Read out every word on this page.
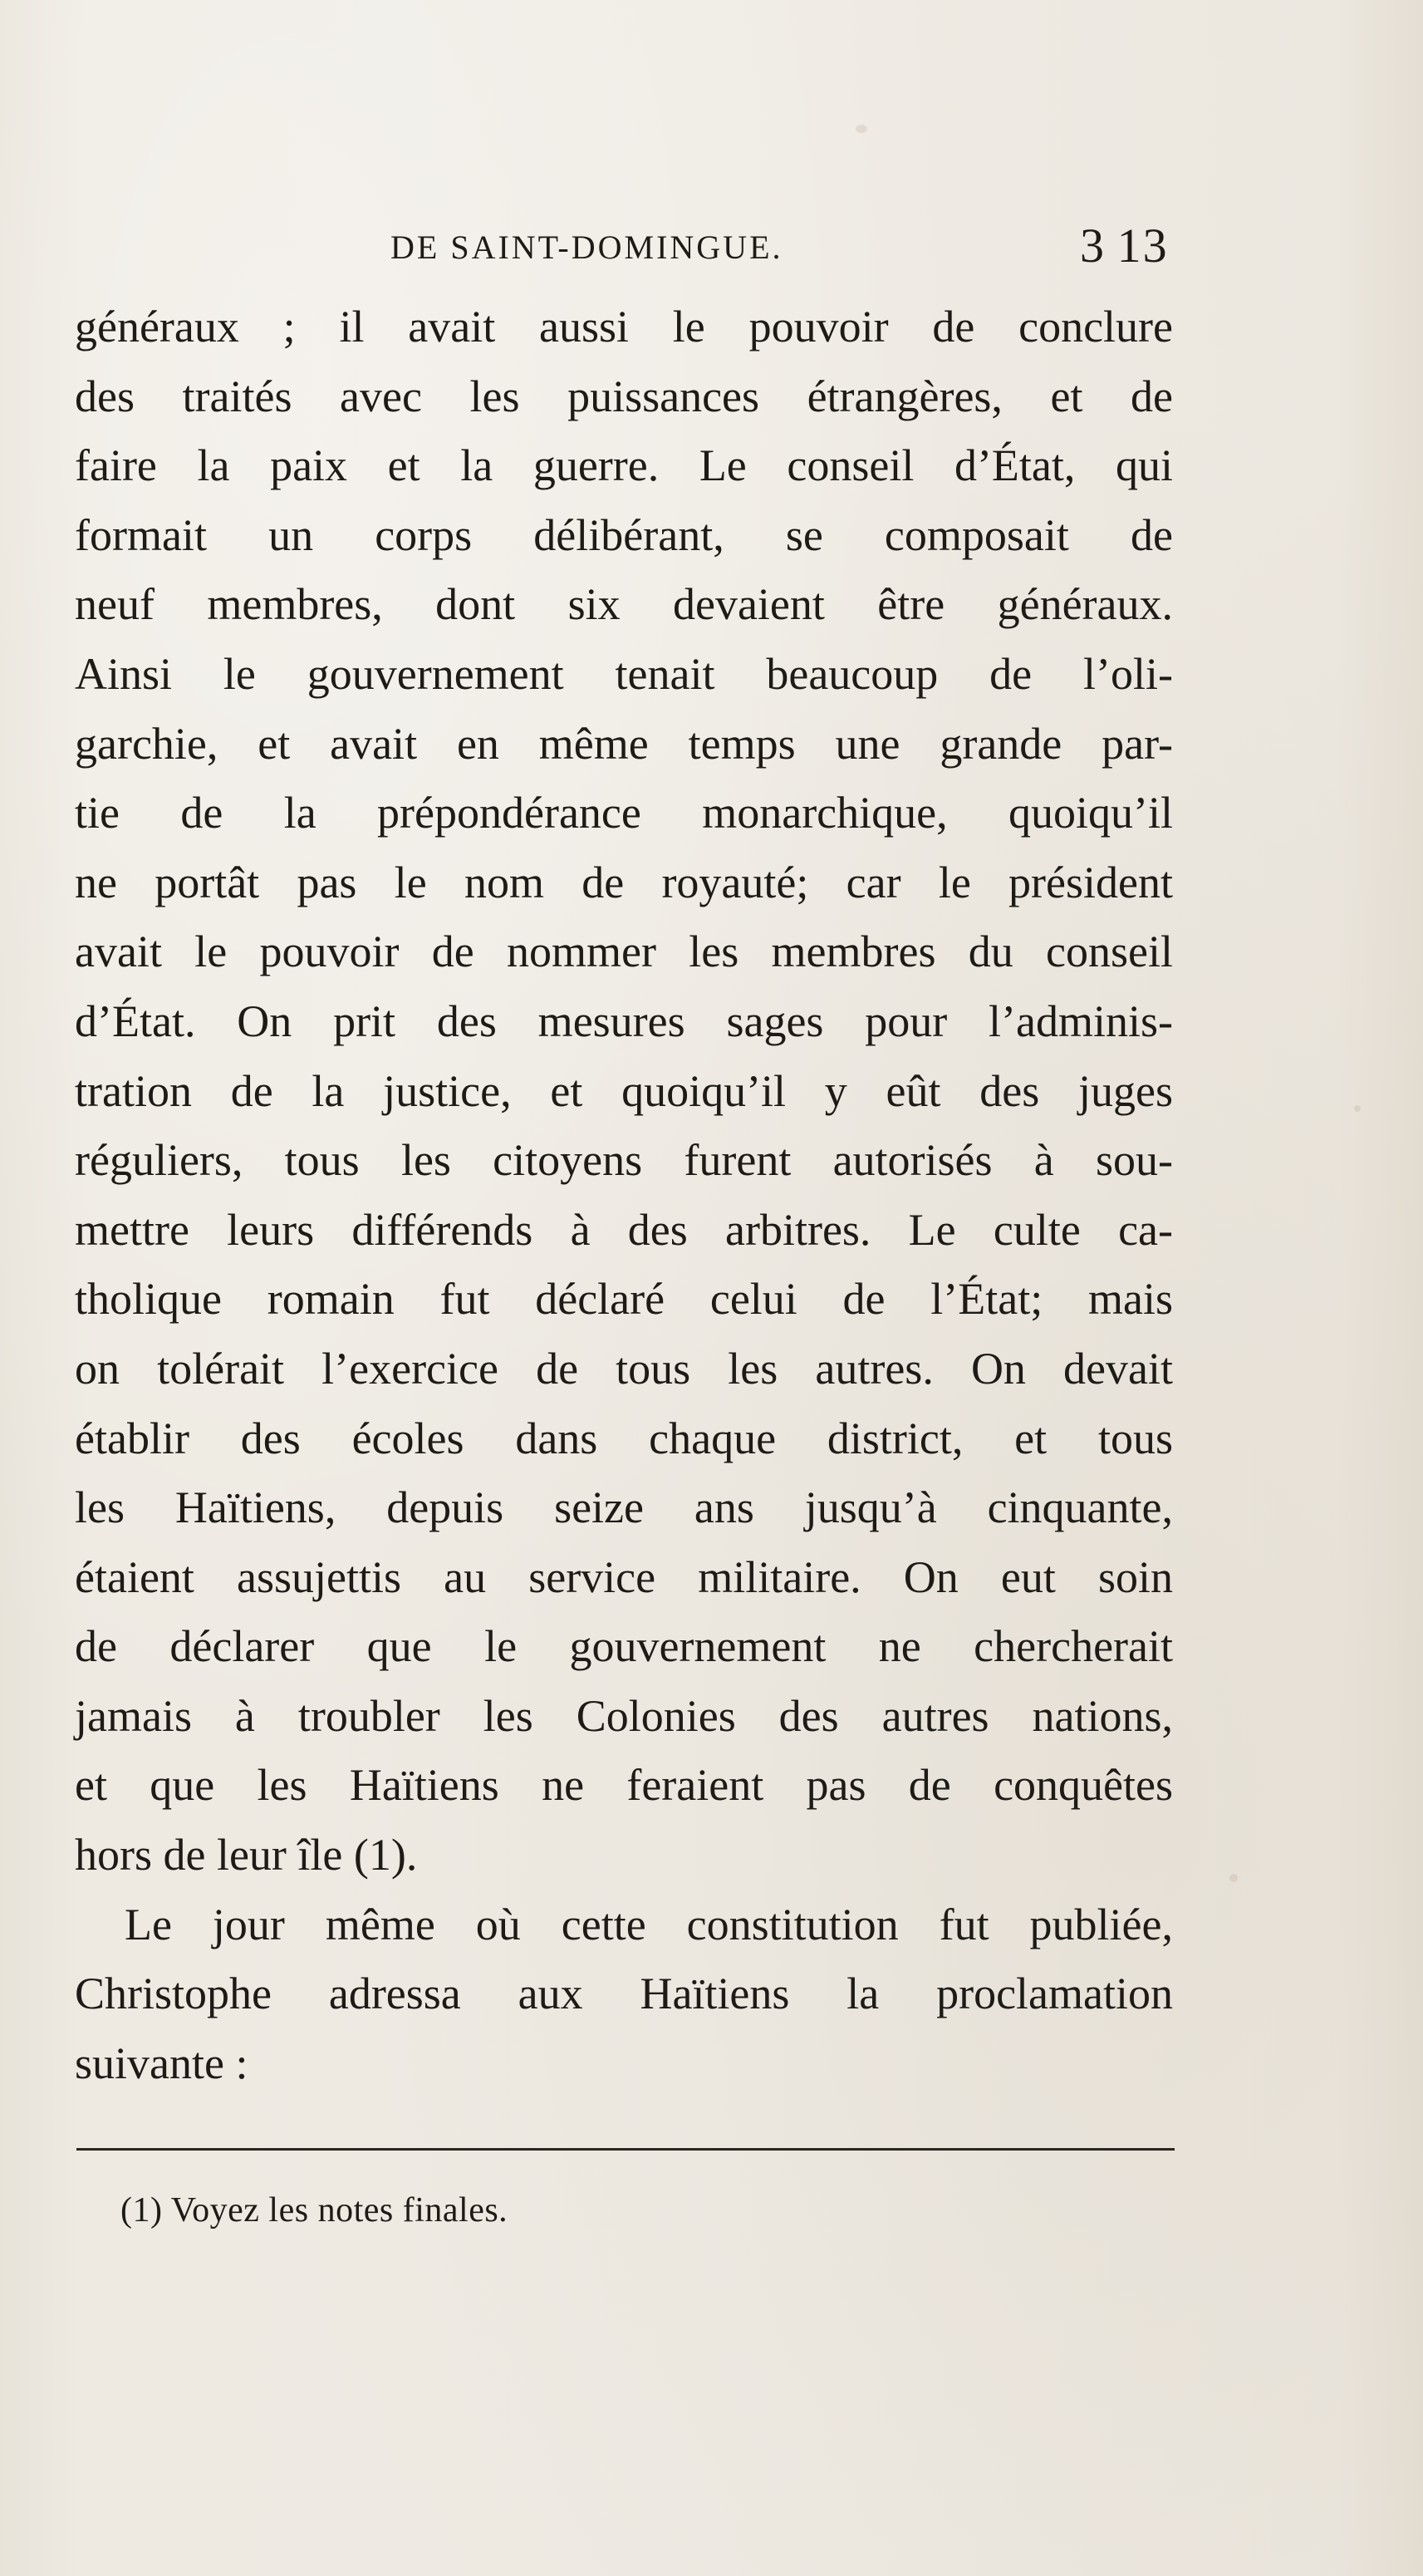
DE SAINT-DOMINGUE.	3 13
généraux ; il avait aussi le pouvoir de conclure
des traités avec les puissances étrangères, et de
faire la paix et la guerre. Le conseil d’État, qui
formait un corps délibérant, se composait de
neuf membres, dont six devaient être généraux.
Ainsi le gouvernement tenait beaucoup de l’oli-
garchie, et avait en même temps une grande par-
tie de la prépondérance monarchique, quoiqu’il
ne portât pas le nom de royauté; car le président
avait le pouvoir de nommer les membres du conseil
d’État. On prit des mesures sages pour l’adminis-
tration de la justice, et quoiqu’il y eût des juges
réguliers, tous les citoyens furent autorisés à sou-
mettre leurs différends à des arbitres. Le culte ca-
tholique romain fut déclaré celui de l’État; mais
on tolérait l’exercice de tous les autres. On devait
établir des écoles dans chaque district, et tous
les Haïtiens, depuis seize ans jusqu’à cinquante,
étaient assujettis au service militaire. On eut soin
de déclarer que le gouvernement ne chercherait
jamais à troubler les Colonies des autres nations,
et que les Haïtiens ne feraient pas de conquêtes
hors de leur île (1).
Le jour même où cette constitution fut publiée,
Christophe adressa aux Haïtiens la proclamation
suivante :
(1) Voyez les notes finales.
